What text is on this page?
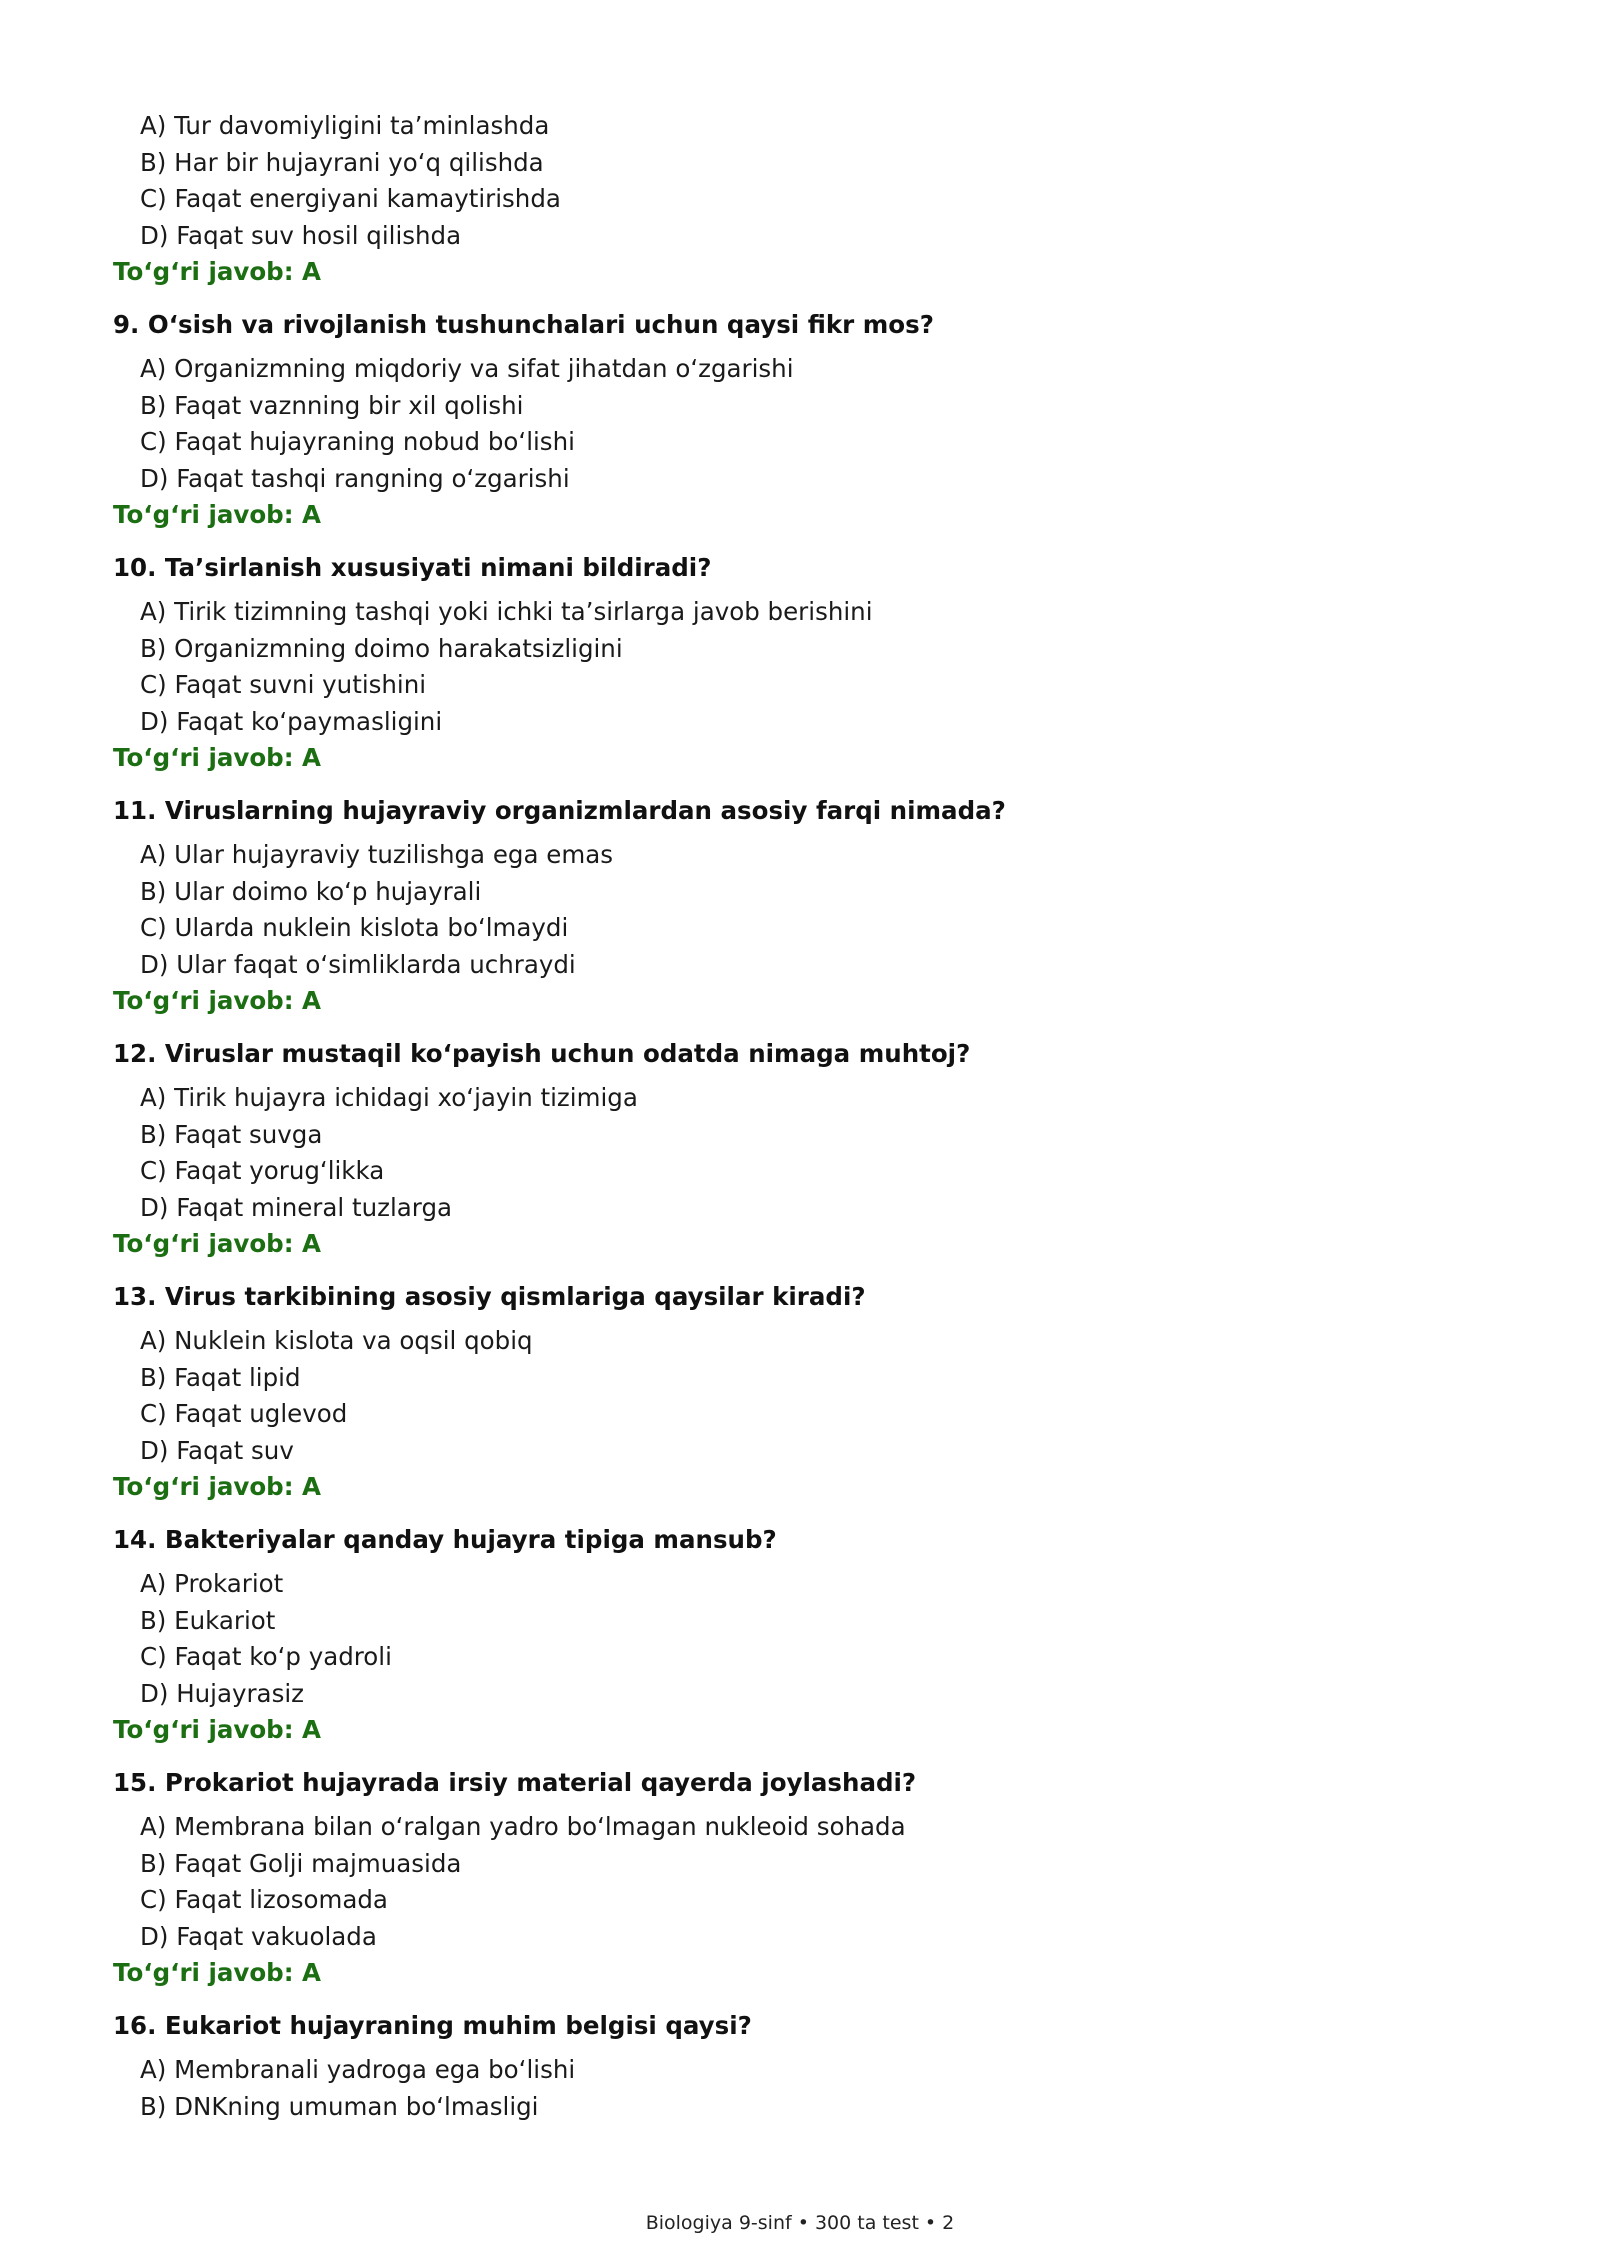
A) Tur davomiyligini ta’minlashda
B) Har bir hujayrani yo‘q qilishda
C) Faqat energiyani kamaytirishda
D) Faqat suv hosil qilishda
To‘g‘ri javob: A
9. O‘sish va rivojlanish tushunchalari uchun qaysi fikr mos?
A) Organizmning miqdoriy va sifat jihatdan o‘zgarishi
B) Faqat vaznning bir xil qolishi
C) Faqat hujayraning nobud bo‘lishi
D) Faqat tashqi rangning o‘zgarishi
To‘g‘ri javob: A
10. Ta’sirlanish xususiyati nimani bildiradi?
A) Tirik tizimning tashqi yoki ichki ta’sirlarga javob berishini
B) Organizmning doimo harakatsizligini
C) Faqat suvni yutishini
D) Faqat ko‘paymasligini
To‘g‘ri javob: A
11. Viruslarning hujayraviy organizmlardan asosiy farqi nimada?
A) Ular hujayraviy tuzilishga ega emas
B) Ular doimo ko‘p hujayrali
C) Ularda nuklein kislota bo‘lmaydi
D) Ular faqat o‘simliklarda uchraydi
To‘g‘ri javob: A
12. Viruslar mustaqil ko‘payish uchun odatda nimaga muhtoj?
A) Tirik hujayra ichidagi xo‘jayin tizimiga
B) Faqat suvga
C) Faqat yorug‘likka
D) Faqat mineral tuzlarga
To‘g‘ri javob: A
13. Virus tarkibining asosiy qismlariga qaysilar kiradi?
A) Nuklein kislota va oqsil qobiq
B) Faqat lipid
C) Faqat uglevod
D) Faqat suv
To‘g‘ri javob: A
14. Bakteriyalar qanday hujayra tipiga mansub?
A) Prokariot
B) Eukariot
C) Faqat ko‘p yadroli
D) Hujayrasiz
To‘g‘ri javob: A
15. Prokariot hujayrada irsiy material qayerda joylashadi?
A) Membrana bilan o‘ralgan yadro bo‘lmagan nukleoid sohada
B) Faqat Golji majmuasida
C) Faqat lizosomada
D) Faqat vakuolada
To‘g‘ri javob: A
16. Eukariot hujayraning muhim belgisi qaysi?
A) Membranali yadroga ega bo‘lishi
B) DNKning umuman bo‘lmasligi
Biologiya 9-sinf • 300 ta test • 2
